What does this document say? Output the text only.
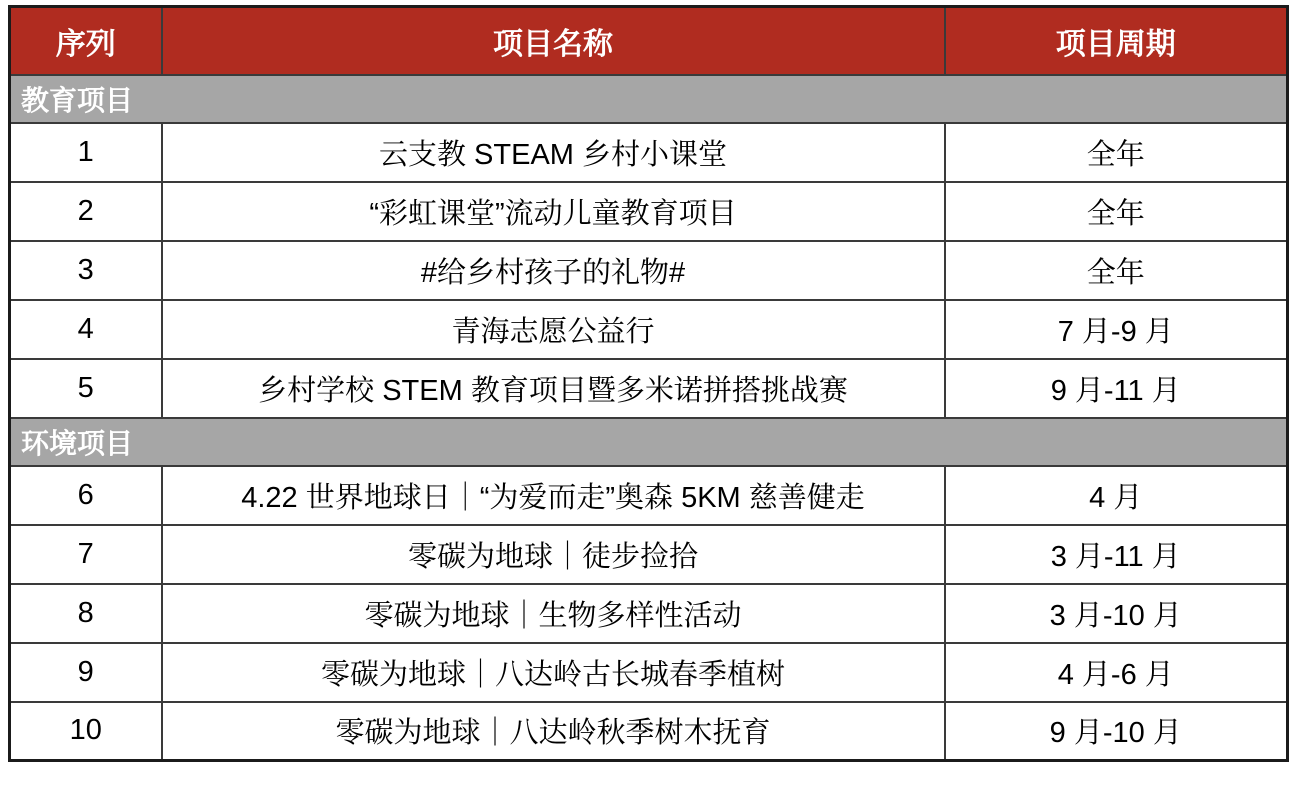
序列	项目名称	项目周期
教育项目		
1	云支教 STEAM 乡村小课堂	全年
2	“彩虹课堂”流动儿童教育项目	全年
3	#给乡村孩子的礼物#	全年
4	青海志愿公益行	7 月-9 月
5	乡村学校 STEM 教育项目暨多米诺拼搭挑战赛	9 月-11 月
环境项目		
6	4.22 世界地球日｜“为爱而走”奥森 5KM 慈善健走	4 月
7	零碳为地球｜徒步捡拾	3 月-11 月
8	零碳为地球｜生物多样性活动	3 月-10 月
9	零碳为地球｜八达岭古长城春季植树	4 月-6 月
10	零碳为地球｜八达岭秋季树木抚育	9 月-10 月
